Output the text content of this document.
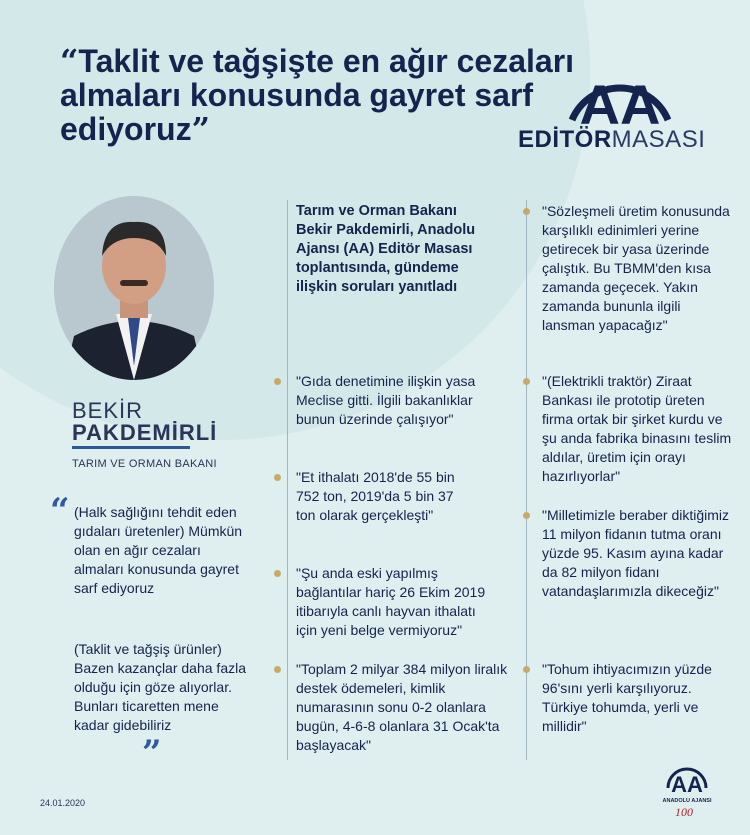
“Taklit ve tağşişte en ağır cezaları almaları konusunda gayret sarf ediyoruz”	AA
EDİTÖRMASASI
BEKİR
PAKDEMİRLİ
TARIM VE ORMAN BAKANI
“ (Halk sağlığını tehdit eden gıdaları üretenler) Mümkün olan en ağır cezaları almaları konusunda gayret sarf ediyoruz
(Taklit ve tağşiş ürünler) Bazen kazançlar daha fazla olduğu için göze alıyorlar. Bunları ticaretten mene kadar gidebiliriz
”
Tarım ve Orman Bakanı Bekir Pakdemirli, Anadolu Ajansı (AA) Editör Masası toplantısında, gündeme ilişkin soruları yanıtladı
"Gıda denetimine ilişkin yasa Meclise gitti. İlgili bakanlıklar bunun üzerinde çalışıyor"
"Et ithalatı 2018'de 55 bin 752 ton, 2019'da 5 bin 37 ton olarak gerçekleşti"
"Şu anda eski yapılmış bağlantılar hariç 26 Ekim 2019 itibarıyla canlı hayvan ithalatı için yeni belge vermiyoruz"
"Toplam 2 milyar 384 milyon liralık destek ödemeleri, kimlik numarasının sonu 0-2 olanlara bugün, 4-6-8 olanlara 31 Ocak'ta başlayacak"
"Sözleşmeli üretim konusunda karşılıklı edinimleri yerine getirecek bir yasa üzerinde çalıştık. Bu TBMM'den kısa zamanda geçecek. Yakın zamanda bununla ilgili lansman yapacağız"
"(Elektrikli traktör) Ziraat Bankası ile prototip üreten firma ortak bir şirket kurdu ve şu anda fabrika binasını teslim aldılar, üretim için orayı hazırlıyorlar"
"Milletimizle beraber diktiğimiz 11 milyon fidanın tutma oranı yüzde 95. Kasım ayına kadar da 82 milyon fidanı vatandaşlarımızla dikeceğiz"
"Tohum ihtiyacımızın yüzde 96'sını yerli karşılıyoruz. Türkiye tohumda, yerli ve millidir"
24.01.2020
AA
ANADOLU AJANSI
100
